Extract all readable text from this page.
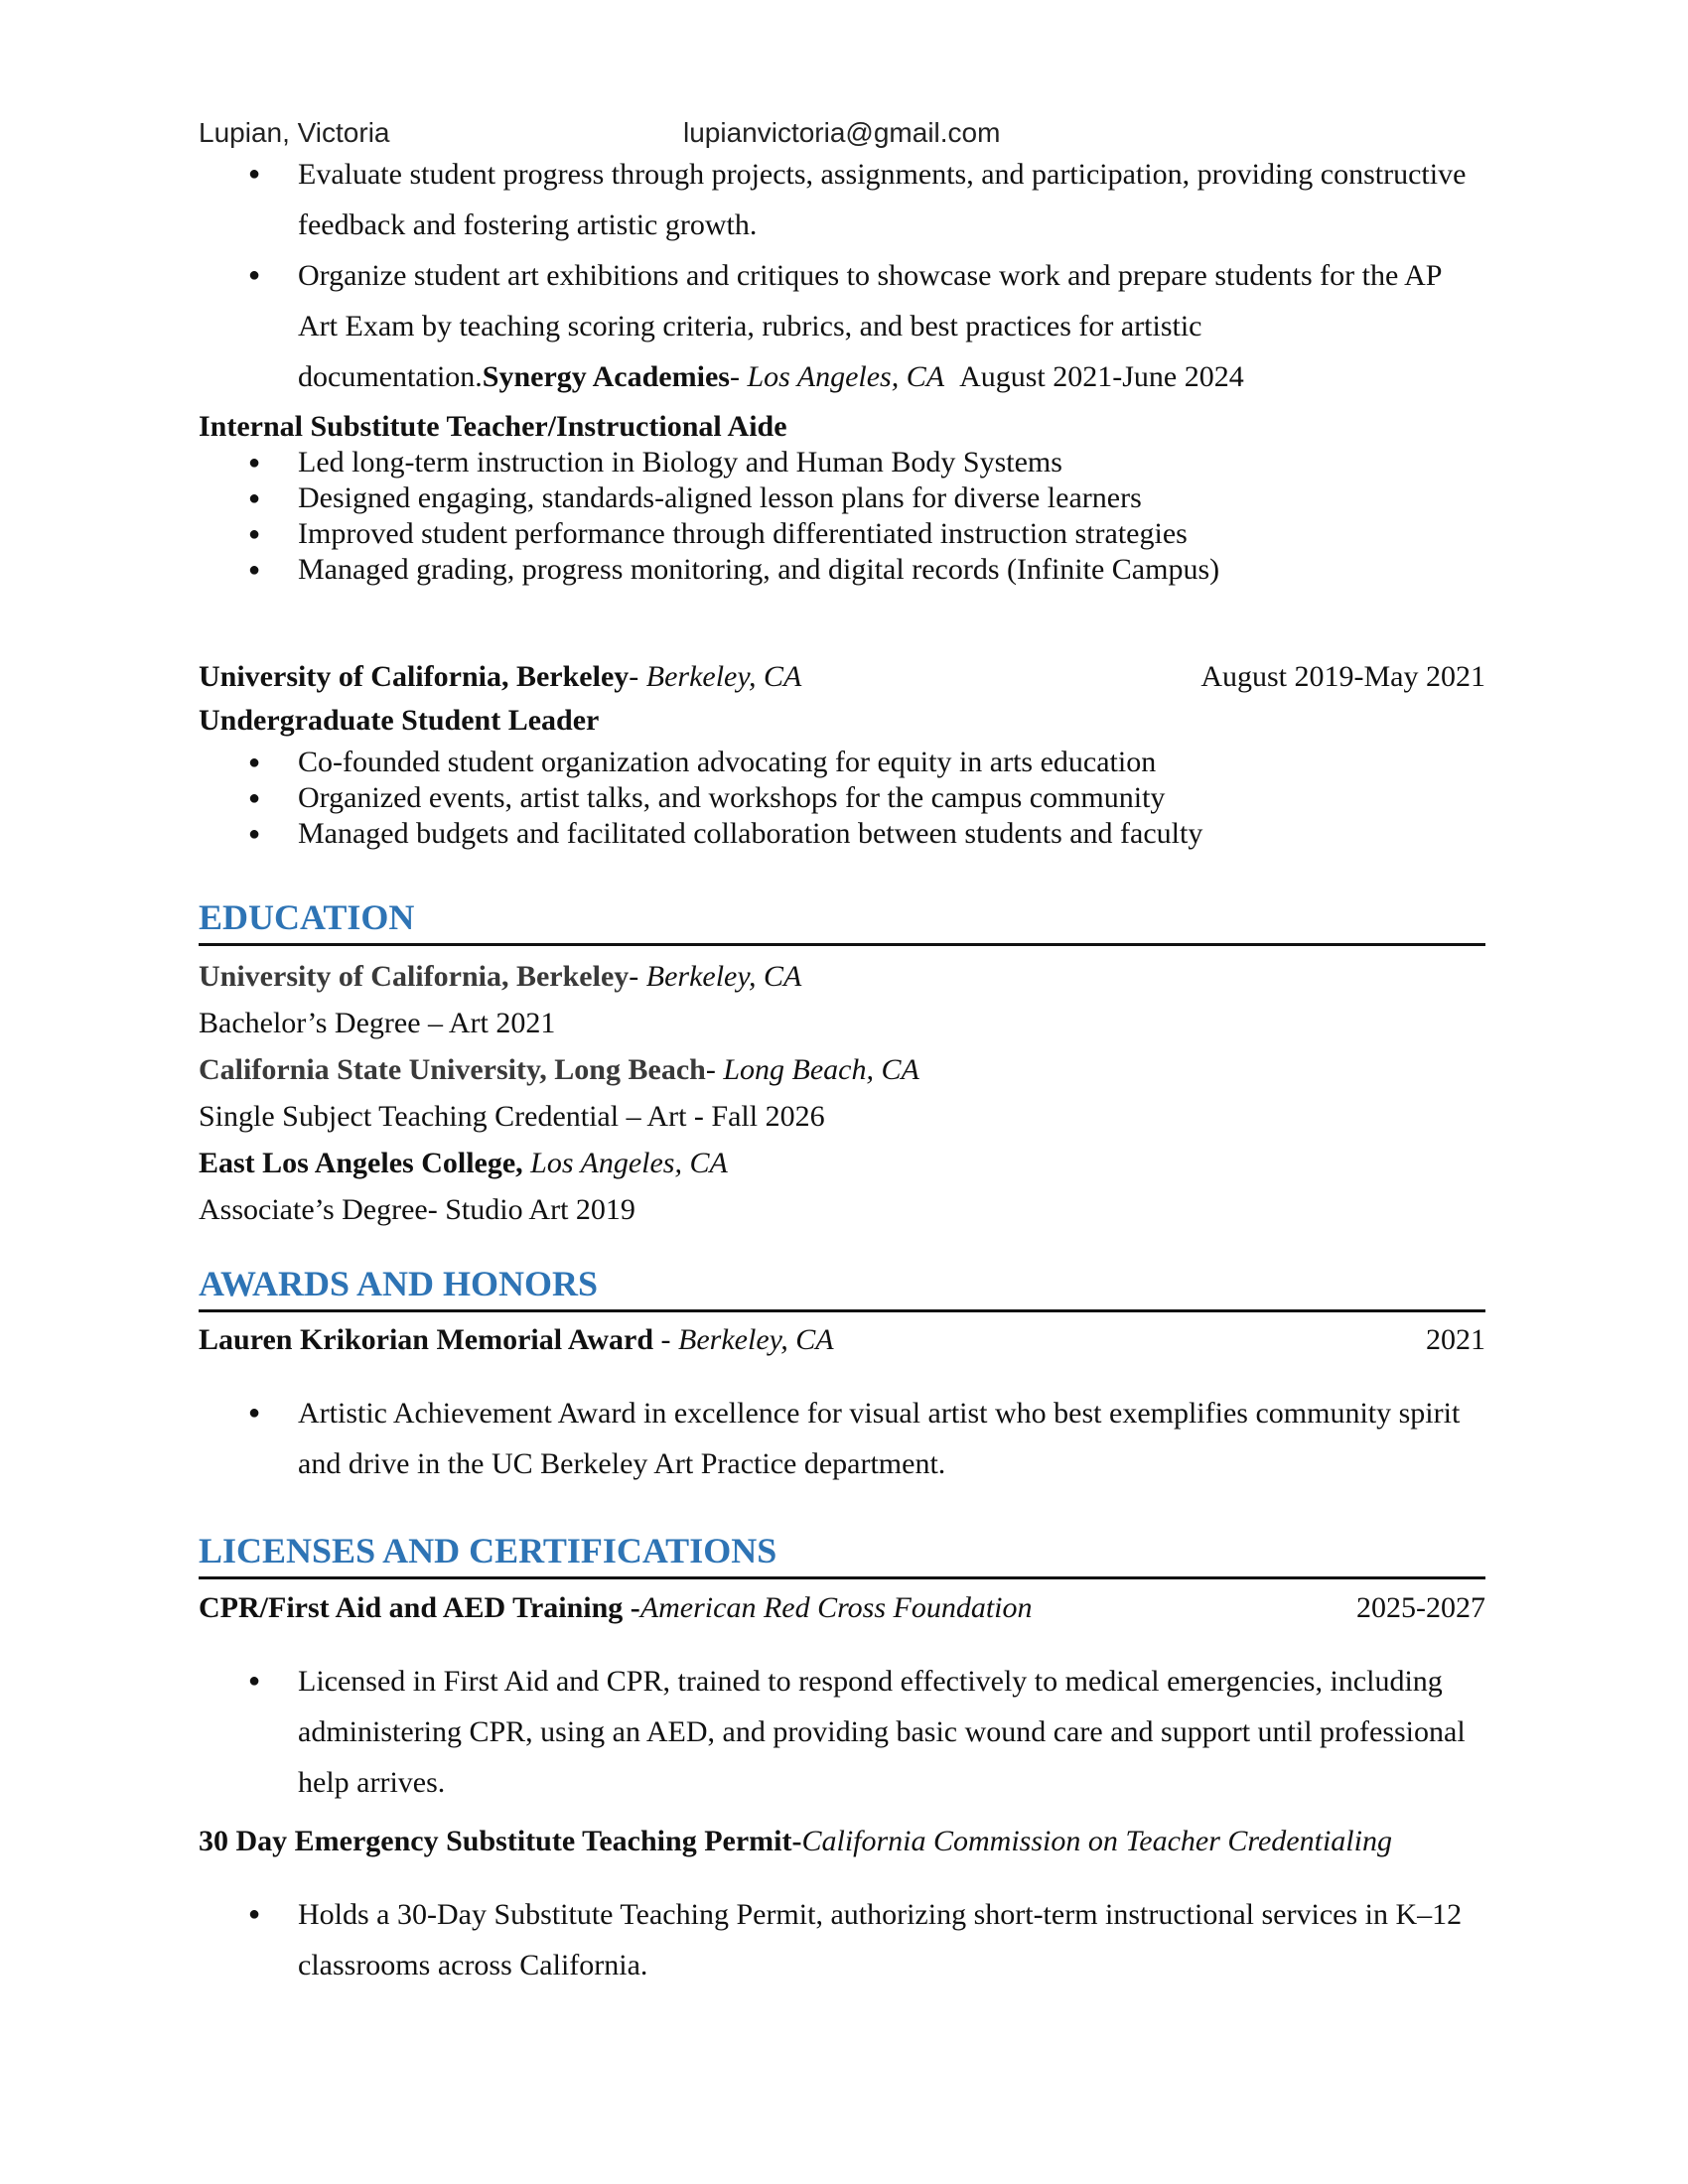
Lupian, Victoria	lupianvictoria@gmail.com
● Evaluate student progress through projects, assignments, and participation, providing constructive feedback and fostering artistic growth.
● Organize student art exhibitions and critiques to showcase work and prepare students for the AP Art Exam by teaching scoring criteria, rubrics, and best practices for artistic documentation.Synergy Academies- Los Angeles, CA August 2021-June 2024
Internal Substitute Teacher/Instructional Aide
● Led long-term instruction in Biology and Human Body Systems
● Designed engaging, standards-aligned lesson plans for diverse learners
● Improved student performance through differentiated instruction strategies
● Managed grading, progress monitoring, and digital records (Infinite Campus)
University of California, Berkeley- Berkeley, CA	August 2019-May 2021
Undergraduate Student Leader
● Co-founded student organization advocating for equity in arts education
● Organized events, artist talks, and workshops for the campus community
● Managed budgets and facilitated collaboration between students and faculty
EDUCATION
University of California, Berkeley- Berkeley, CA
Bachelor’s Degree – Art 2021
California State University, Long Beach- Long Beach, CA
Single Subject Teaching Credential – Art - Fall 2026
East Los Angeles College, Los Angeles, CA
Associate’s Degree- Studio Art 2019
AWARDS AND HONORS
Lauren Krikorian Memorial Award - Berkeley, CA	2021
● Artistic Achievement Award in excellence for visual artist who best exemplifies community spirit and drive in the UC Berkeley Art Practice department.
LICENSES AND CERTIFICATIONS
CPR/First Aid and AED Training -American Red Cross Foundation	2025-2027
● Licensed in First Aid and CPR, trained to respond effectively to medical emergencies, including administering CPR, using an AED, and providing basic wound care and support until professional help arrives.
30 Day Emergency Substitute Teaching Permit-California Commission on Teacher Credentialing
● Holds a 30-Day Substitute Teaching Permit, authorizing short-term instructional services in K–12 classrooms across California.
